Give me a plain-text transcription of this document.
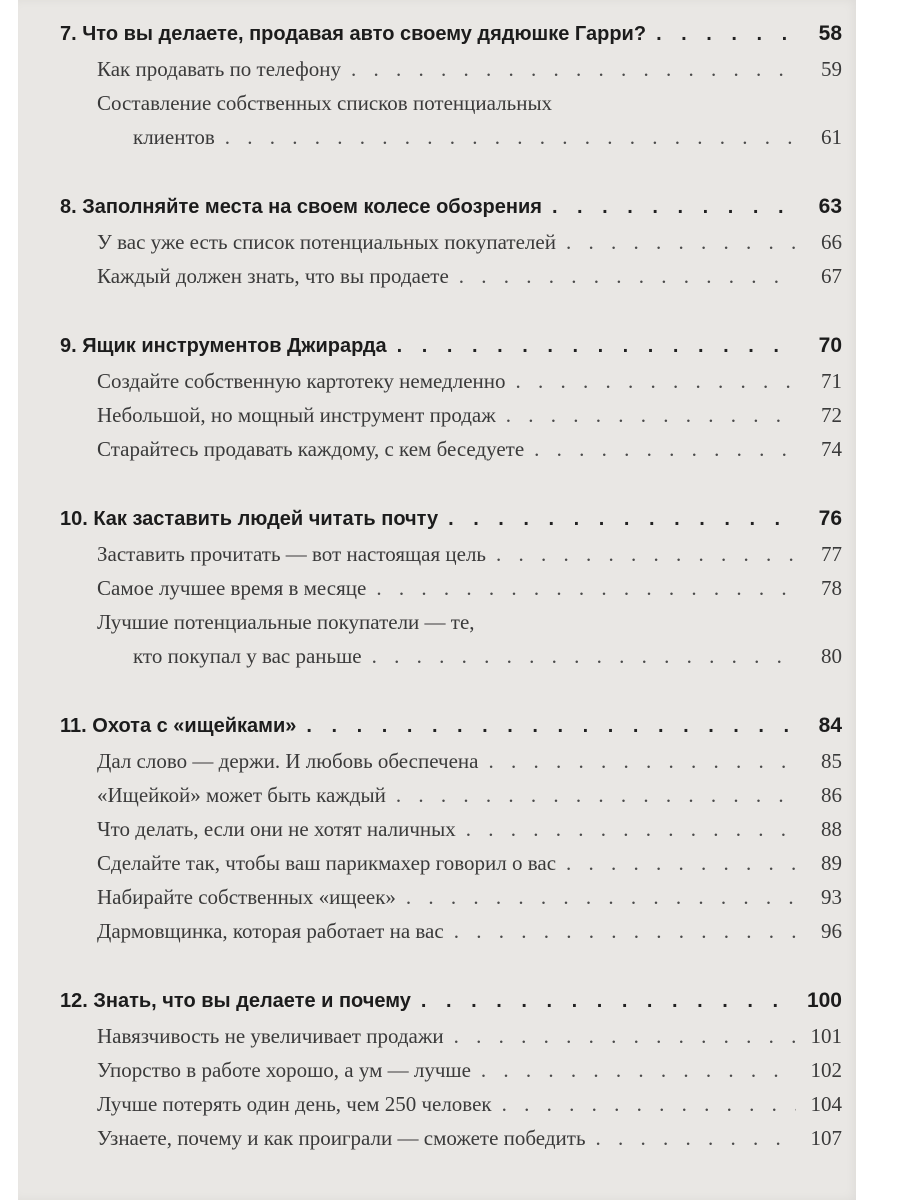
7. Что вы делаете, продавая авто своему дядюшке Гарри? . . .	58
Как продавать по телефону . . .	59
Составление собственных списков потенциальных
клиентов . . .	61
8. Заполняйте места на своем колесе обозрения . . .	63
У вас уже есть список потенциальных покупателей . . .	66
Каждый должен знать, что вы продаете . . .	67
9. Ящик инструментов Джирарда . . .	70
Создайте собственную картотеку немедленно . . .	71
Небольшой, но мощный инструмент продаж . . .	72
Старайтесь продавать каждому, с кем беседуете . . .	74
10. Как заставить людей читать почту . . .	76
Заставить прочитать — вот настоящая цель . . .	77
Самое лучшее время в месяце . . .	78
Лучшие потенциальные покупатели — те,
кто покупал у вас раньше . . .	80
11. Охота с «ищейками» . . .	84
Дал слово — держи. И любовь обеспечена . . .	85
«Ищейкой» может быть каждый . . .	86
Что делать, если они не хотят наличных . . .	88
Сделайте так, чтобы ваш парикмахер говорил о вас . . .	89
Набирайте собственных «ищеек» . . .	93
Дармовщинка, которая работает на вас . . .	96
12. Знать, что вы делаете и почему . . .	100
Навязчивость не увеличивает продажи . . .	101
Упорство в работе хорошо, а ум — лучше . . .	102
Лучше потерять один день, чем 250 человек . . .	104
Узнаете, почему и как проиграли — сможете победить . . .	107
